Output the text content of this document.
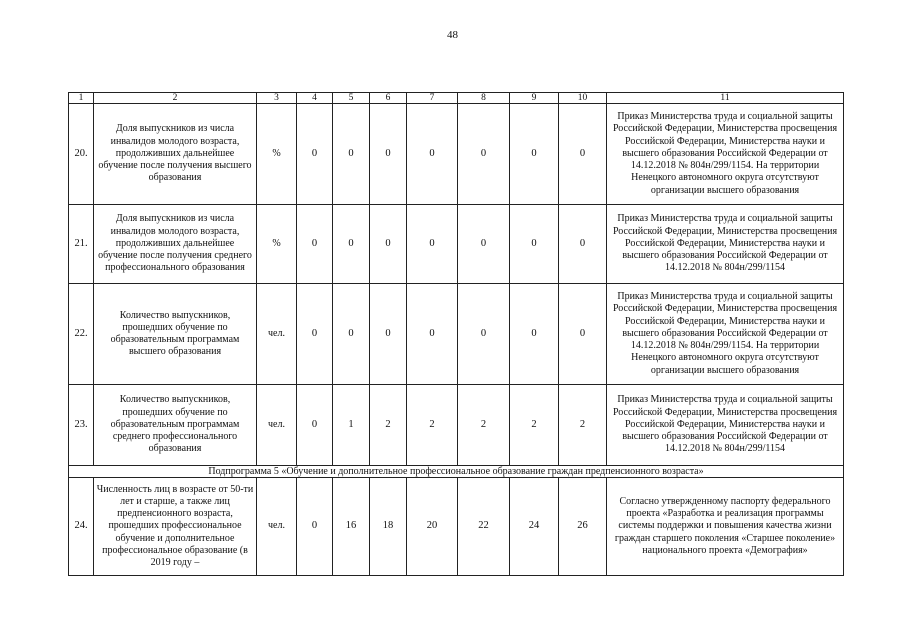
48
1	2	3	4	5	6	7	8	9	10	11
20.	Доля выпускников из числа инвалидов молодого возраста, продолживших дальнейшее обучение после получения высшего образования	%	0	0	0	0	0	0	0	Приказ Министерства труда и социальной защиты Российской Федерации, Министерства просвещения Российской Федерации, Министерства науки и высшего образования Российской Федерации от 14.12.2018 № 804н/299/1154. На территории Ненецкого автономного округа отсутствуют организации высшего образования
21.	Доля выпускников из числа инвалидов молодого возраста, продолживших дальнейшее обучение после получения среднего профессионального образования	%	0	0	0	0	0	0	0	Приказ Министерства труда и социальной защиты Российской Федерации, Министерства просвещения Российской Федерации, Министерства науки и высшего образования Российской Федерации от 14.12.2018 № 804н/299/1154
22.	Количество выпускников, прошедших обучение по образовательным программам высшего образования	чел.	0	0	0	0	0	0	0	Приказ Министерства труда и социальной защиты Российской Федерации, Министерства просвещения Российской Федерации, Министерства науки и высшего образования Российской Федерации от 14.12.2018 № 804н/299/1154. На территории Ненецкого автономного округа отсутствуют организации высшего образования
23.	Количество выпускников, прошедших обучение по образовательным программам среднего профессионального образования	чел.	0	1	2	2	2	2	2	Приказ Министерства труда и социальной защиты Российской Федерации, Министерства просвещения Российской Федерации, Министерства науки и высшего образования Российской Федерации от 14.12.2018 № 804н/299/1154
Подпрограмма 5 «Обучение и дополнительное профессиональное образование граждан предпенсионного возраста»										
24.	Численность лиц в возрасте от 50-ти лет и старше, а также лиц предпенсионного возраста, прошедших профессиональное обучение и дополнительное профессиональное образование (в 2019 году –	чел.	0	16	18	20	22	24	26	Согласно утвержденному паспорту федерального проекта «Разработка и реализация программы системы поддержки и повышения качества жизни граждан старшего поколения «Старшее поколение» национального проекта «Демография»
